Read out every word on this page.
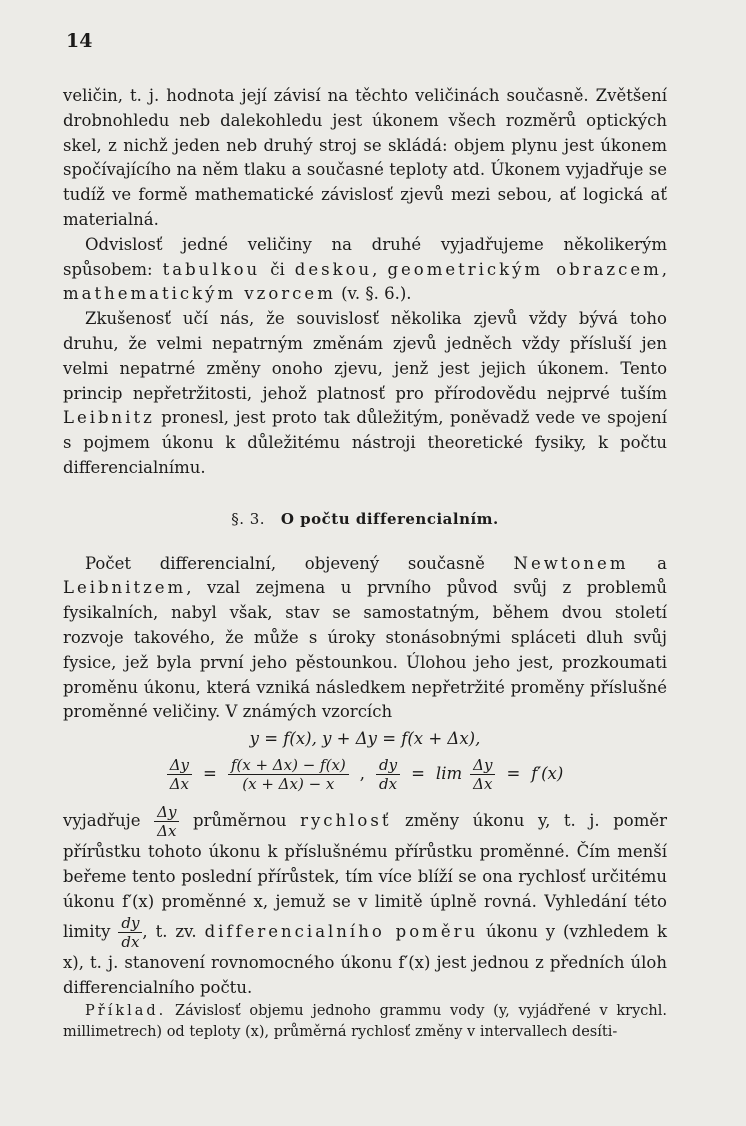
14

veličin, t. j. hodnota její závisí na těchto veličinách současně. Zvětšení drobnohledu neb dalekohledu jest úkonem všech rozměrů optických skel, z nichž jeden neb druhý stroj se skládá: objem plynu jest úkonem spočívajícího na něm tlaku a současné teploty atd. Úkonem vyjadřuje se tudíž ve formě mathematické závislosť zjevů mezi sebou, ať logická ať materialná.

Odvislosť jedné veličiny na druhé vyjadřujeme několikerým spůsobem: tabulkou či deskou, geometrickým obrazcem, mathematickým vzorcem (v. §. 6.).

Zkušenosť učí nás, že souvislosť několika zjevů vždy bývá toho druhu, že velmi nepatrným změnám zjevů jedněch vždy přísluší jen velmi nepatrné změny onoho zjevu, jenž jest jejich úkonem. Tento princip nepřetržitosti, jehož platnosť pro přírodovědu nejprvé tuším Leibnitz pronesl, jest proto tak důležitým, poněvadž vede ve spojení s pojmem úkonu k důležitému nástroji theoretické fysiky, k počtu differencialnímu.

§. 3. O počtu differencialním.

Počet differencialní, objevený současně Newtonem a Leibnitzem, vzal zejmena u prvního původ svůj z problemů fysikalních, nabyl však, stav se samostatným, během dvou století rozvoje takového, že může s úroky stonásobnými spláceti dluh svůj fysice, jež byla první jeho pěstounkou. Úlohou jeho jest, prozkoumati proměnu úkonu, která vzniká následkem nepřetržité proměny příslušné proměnné veličiny. V známých vzorcích

y = f(x), y + Δy = f(x + Δx),
$\frac{\Delta y}{\Delta x} = \frac{f(x + \Delta x) - f(x)}{(x + \Delta x) - x}$ , $\frac{dy}{dx} = \lim \frac{\Delta y}{\Delta x} = f'(x)$

vyjadřuje $\frac{\Delta y}{\Delta x}$ průměrnou rychlosť změny úkonu y, t. j. poměr přírůstku tohoto úkonu k příslušnému přírůstku proměnné. Čím menší beřeme tento poslední přírůstek, tím více blíží se ona rychlosť určitému úkonu f′(x) proměnné x, jemuž se v limitě úplně rovná. Vyhledání této limity $\frac{dy}{dx}$ , t. zv. differencialního poměru úkonu y (vzhledem k x), t. j. stanovení rovnomocného úkonu f′(x) jest jednou z předních úloh differencialního počtu.

Příklad. Závislosť objemu jednoho grammu vody (y, vyjádřené v krychl. millimetrech) od teploty (x), průměrná rychlosť změny v intervallech desíti-
